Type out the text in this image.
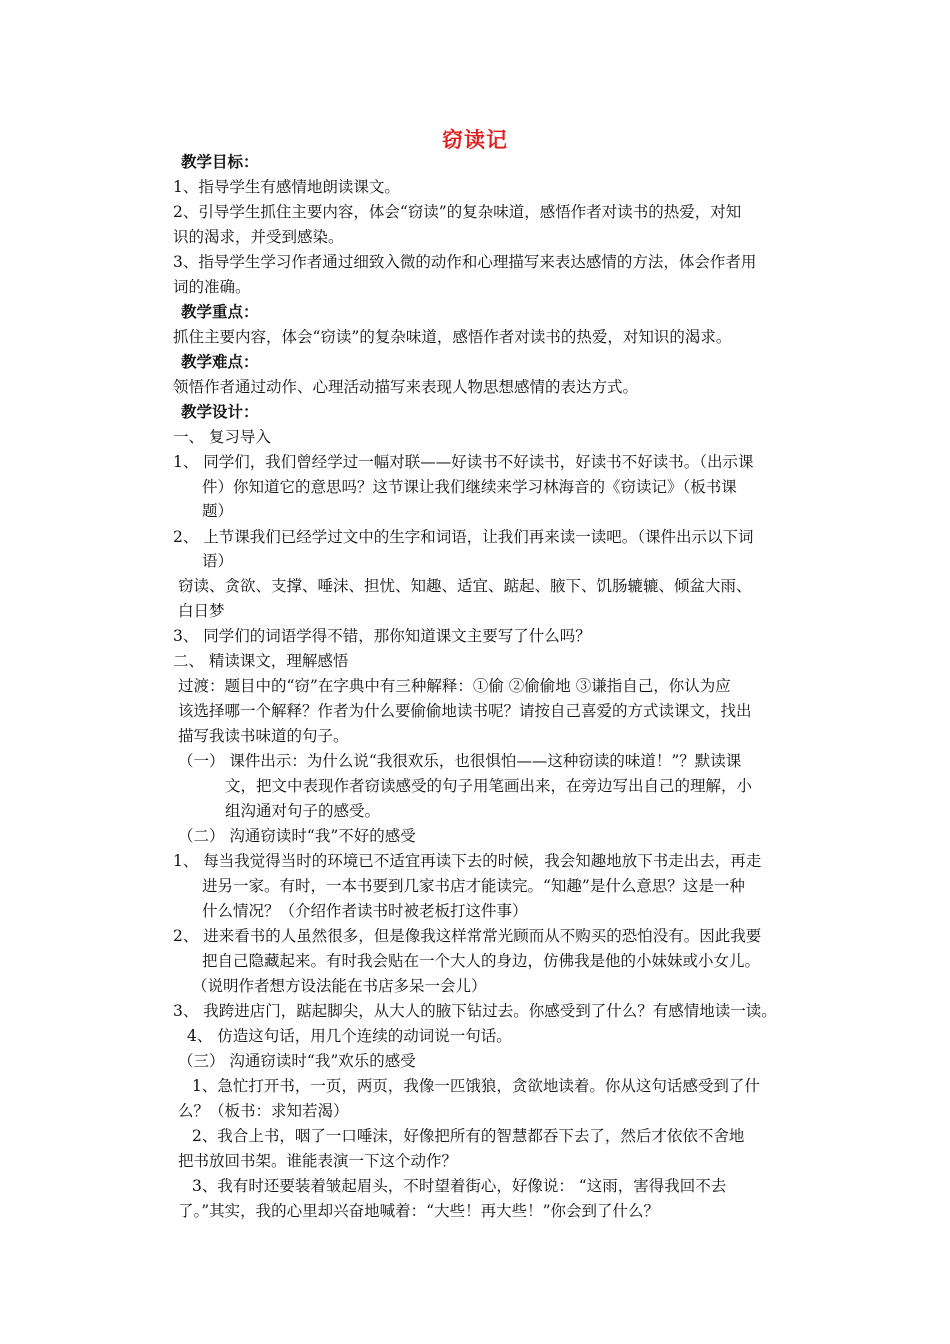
窃读记
教学目标：
1、指导学生有感情地朗读课文。
2、引导学生抓住主要内容，体会“窃读”的复杂味道，感悟作者对读书的热爱，对知
识的渴求，并受到感染。
3、指导学生学习作者通过细致入微的动作和心理描写来表达感情的方法，体会作者用
词的准确。
教学重点：
抓住主要内容，体会“窃读”的复杂味道，感悟作者对读书的热爱，对知识的渴求。
教学难点：
领悟作者通过动作、心理活动描写来表现人物思想感情的表达方式。
教学设计：
一、 复习导入
1、 同学们，我们曾经学过一幅对联——好读书不好读书，好读书不好读书。（出示课
件）你知道它的意思吗？这节课让我们继续来学习林海音的《窃读记》（板书课
题）
2、 上节课我们已经学过文中的生字和词语，让我们再来读一读吧。（课件出示以下词
语）
窃读、贪欲、支撑、唾沫、担忧、知趣、适宜、踮起、腋下、饥肠辘辘、倾盆大雨、
白日梦
3、 同学们的词语学得不错，那你知道课文主要写了什么吗？
二、 精读课文，理解感悟
过渡：题目中的“窃”在字典中有三种解释：①偷 ②偷偷地 ③谦指自己，你认为应
该选择哪一个解释？作者为什么要偷偷地读书呢？请按自己喜爱的方式读课文，找出
描写我读书味道的句子。
（一） 课件出示：为什么说“我很欢乐，也很惧怕——这种窃读的味道！”？默读课
文，把文中表现作者窃读感受的句子用笔画出来，在旁边写出自己的理解，小
组沟通对句子的感受。
（二） 沟通窃读时“我”不好的感受
1、 每当我觉得当时的环境已不适宜再读下去的时候，我会知趣地放下书走出去，再走
进另一家。有时，一本书要到几家书店才能读完。“知趣”是什么意思？这是一种
什么情况？（介绍作者读书时被老板打这件事）
2、 进来看书的人虽然很多，但是像我这样常常光顾而从不购买的恐怕没有。因此我要
把自己隐藏起来。有时我会贴在一个大人的身边，仿佛我是他的小妹妹或小女儿。
（说明作者想方设法能在书店多呆一会儿）
3、 我跨进店门，踮起脚尖，从大人的腋下钻过去。你感受到了什么？有感情地读一读。
4、 仿造这句话，用几个连续的动词说一句话。
（三） 沟通窃读时“我”欢乐的感受
1、急忙打开书，一页，两页，我像一匹饿狼，贪欲地读着。你从这句话感受到了什
么？（板书：求知若渴）
2、我合上书，咽了一口唾沫，好像把所有的智慧都吞下去了，然后才依依不舍地
把书放回书架。谁能表演一下这个动作？
3、我有时还要装着皱起眉头，不时望着街心，好像说： “这雨，害得我回不去
了。”其实，我的心里却兴奋地喊着：“大些！再大些！”你会到了什么？
